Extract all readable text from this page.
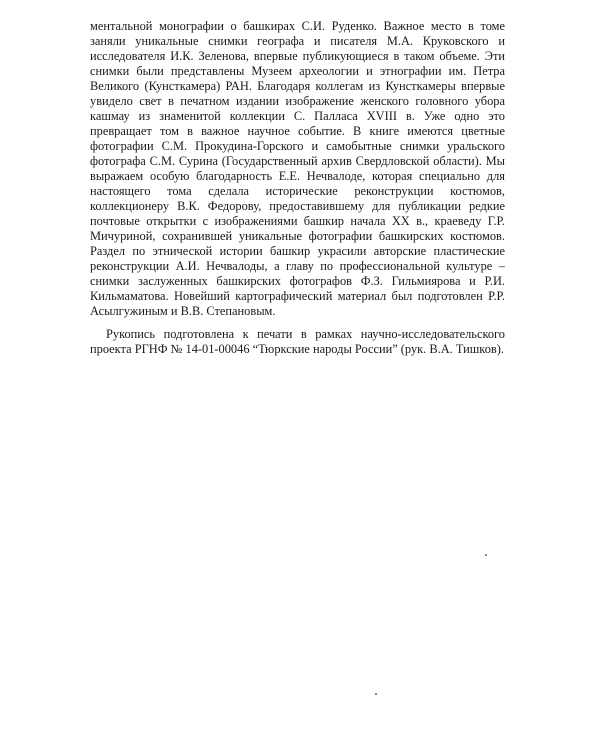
ментальной монографии о башкирах С.И. Руденко. Важное место в томе заняли уникальные снимки географа и писателя М.А. Круковского и исследователя И.К. Зеленова, впервые публикующиеся в таком объеме. Эти снимки были представлены Музеем археологии и этнографии им. Петра Великого (Кунсткамера) РАН. Благодаря коллегам из Кунсткамеры впервые увидело свет в печатном издании изображение женского головного убора кашмау из знаменитой коллекции С. Палласа XVIII в. Уже одно это превращает том в важное научное событие. В книге имеются цветные фотографии С.М. Прокудина-Горского и самобытные снимки уральского фотографа С.М. Сурина (Государственный архив Свердловской области). Мы выражаем особую благодарность Е.Е. Нечвалоде, которая специально для настоящего тома сделала исторические реконструкции костюмов, коллекционеру В.К. Федорову, предоставившему для публикации редкие почтовые открытки с изображениями башкир начала XX в., краеведу Г.Р. Мичуриной, сохранившей уникальные фотографии башкирских костюмов. Раздел по этнической истории башкир украсили авторские пластические реконструкции А.И. Нечвалоды, а главу по профессиональной культуре – снимки заслуженных башкирских фотографов Ф.З. Гильмиярова и Р.И. Кильмаматова. Новейший картографический материал был подготовлен Р.Р. Асылгужиным и В.В. Степановым.

Рукопись подготовлена к печати в рамках научно-исследовательского проекта РГНФ № 14-01-00046 “Тюркские народы России” (рук. В.А. Тишков).
